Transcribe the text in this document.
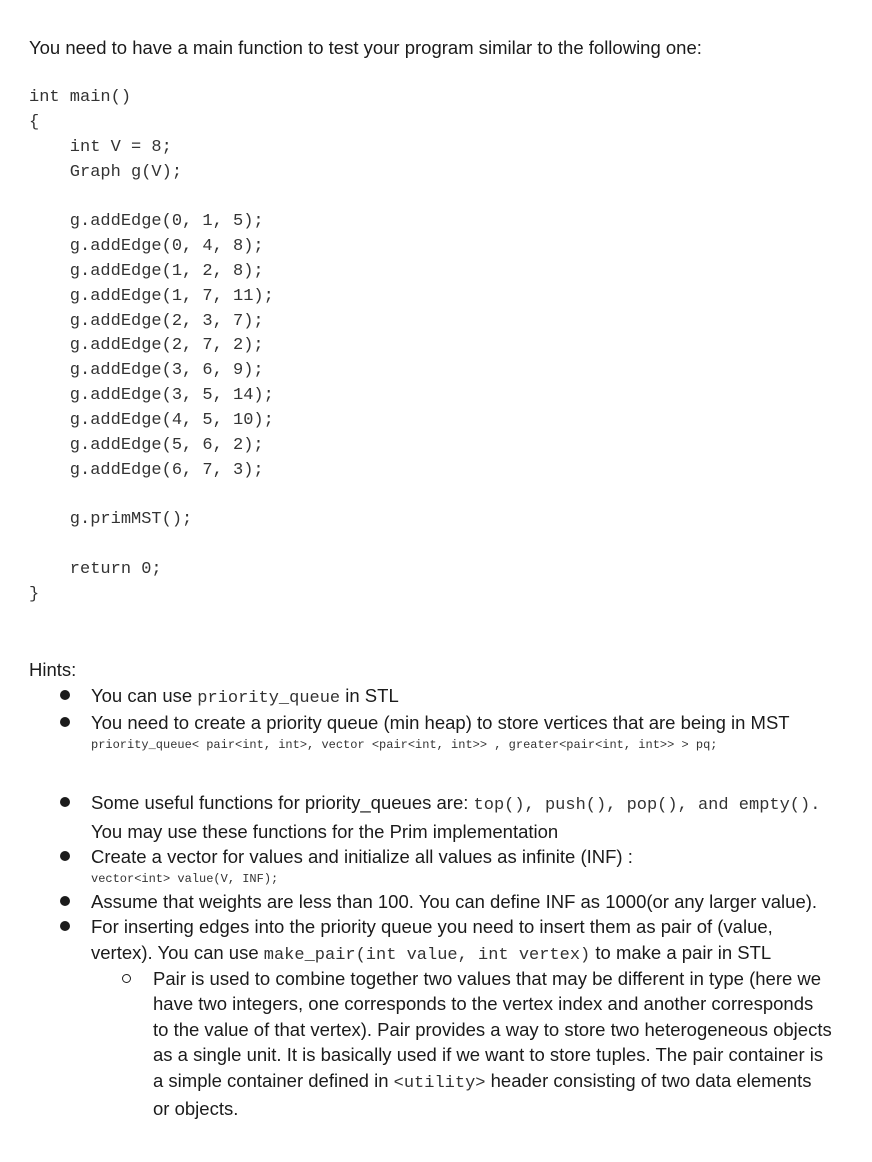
You need to have a main function to test your program similar to the following one:
int main()
{
int V = 8;
Graph g(V);
g.addEdge(0, 1, 5);
g.addEdge(0, 4, 8);
g.addEdge(1, 2, 8);
g.addEdge(1, 7, 11);
g.addEdge(2, 3, 7);
g.addEdge(2, 7, 2);
g.addEdge(3, 6, 9);
g.addEdge(3, 5, 14);
g.addEdge(4, 5, 10);
g.addEdge(5, 6, 2);
g.addEdge(6, 7, 3);
g.primMST();
return 0;
}
Hints:
You can use priority_queue in STL
You need to create a priority queue (min heap) to store vertices that are being in MST
priority_queue< pair<int, int>, vector <pair<int, int>> , greater<pair<int, int>> > pq;
Some useful functions for priority_queues are: top(), push(), pop(), and empty(). You may use these functions for the Prim implementation
Create a vector for values and initialize all values as infinite (INF) :
vector<int> value(V, INF);
Assume that weights are less than 100. You can define INF as 1000(or any larger value).
For inserting edges into the priority queue you need to insert them as pair of (value, vertex). You can use make_pair(int value, int vertex) to make a pair in STL
Pair is used to combine together two values that may be different in type (here we have two integers, one corresponds to the vertex index and another corresponds to the value of that vertex). Pair provides a way to store two heterogeneous objects as a single unit. It is basically used if we want to store tuples. The pair container is a simple container defined in <utility> header consisting of two data elements or objects.
